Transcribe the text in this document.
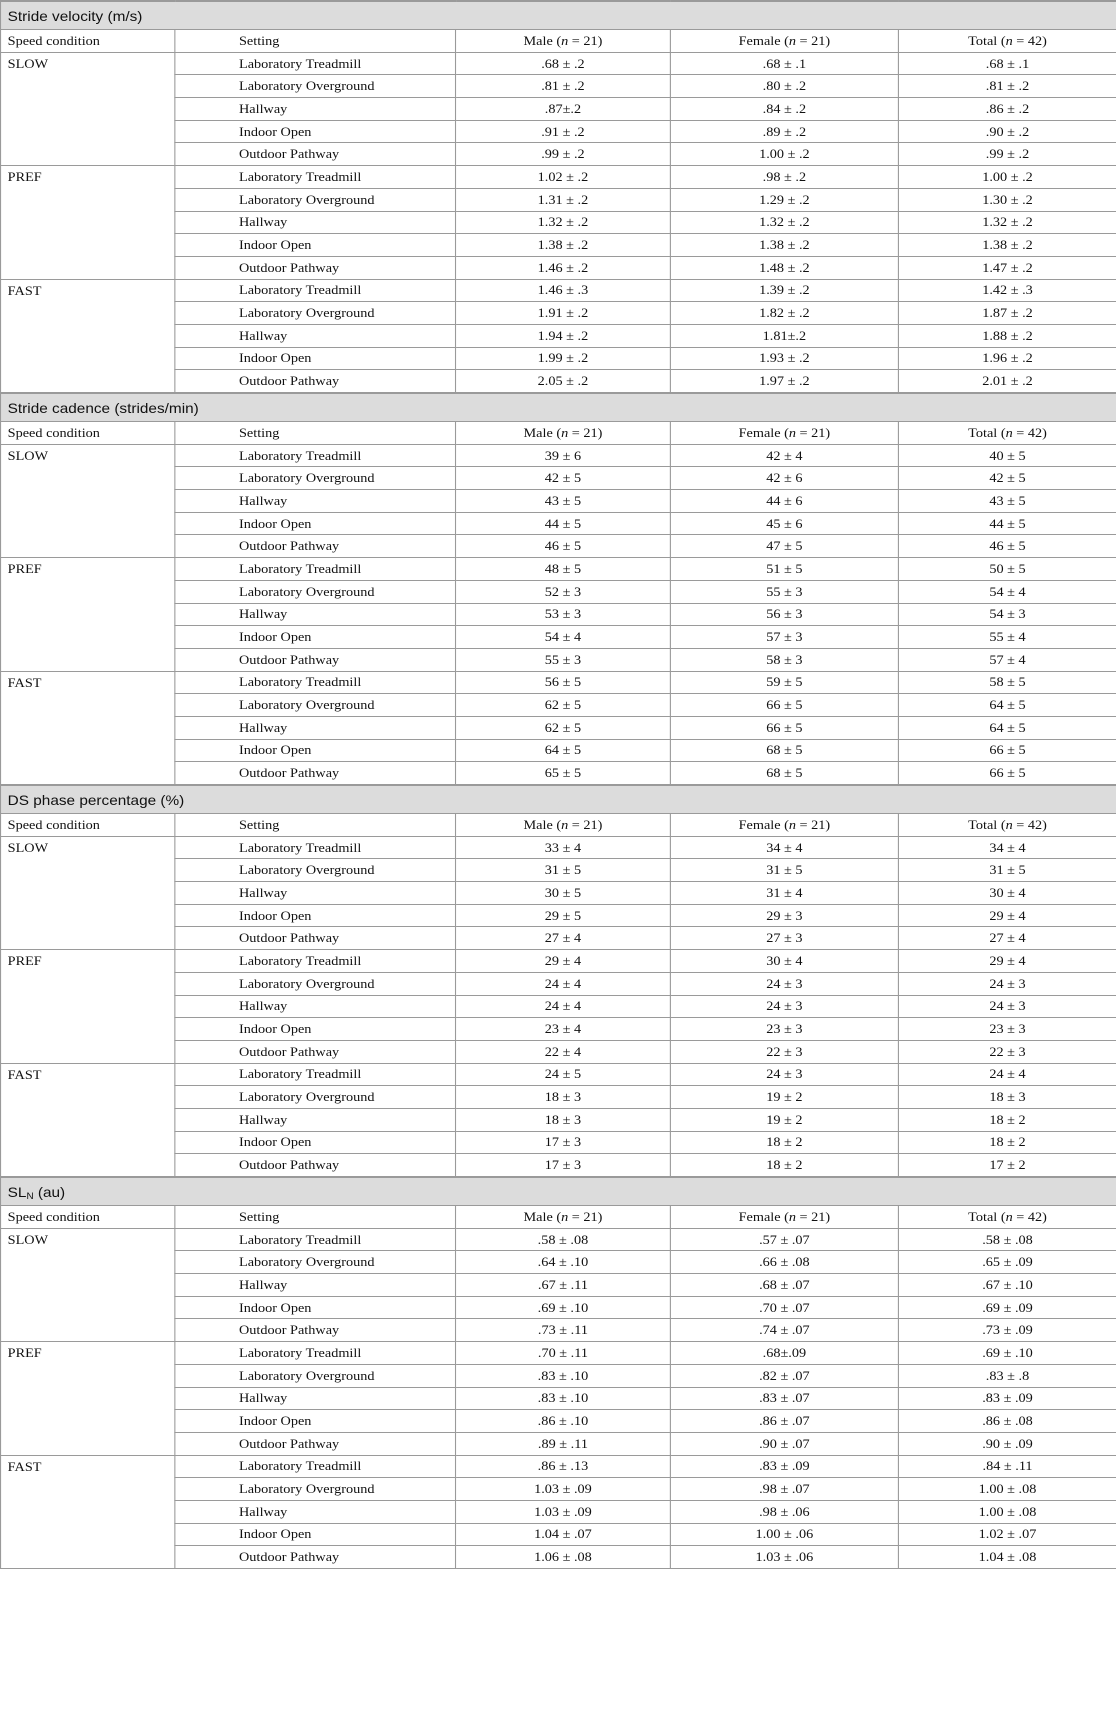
Stride velocity (m/s)				
Speed condition	Setting	Male (n = 21)	Female (n = 21)	Total (n = 42)
SLOW	Laboratory Treadmill	.68 ± .2	.68 ± .1	.68 ± .1
	Laboratory Overground	.81 ± .2	.80 ± .2	.81 ± .2
	Hallway	.87±.2	.84 ± .2	.86 ± .2
	Indoor Open	.91 ± .2	.89 ± .2	.90 ± .2
	Outdoor Pathway	.99 ± .2	1.00 ± .2	.99 ± .2
PREF	Laboratory Treadmill	1.02 ± .2	.98 ± .2	1.00 ± .2
	Laboratory Overground	1.31 ± .2	1.29 ± .2	1.30 ± .2
	Hallway	1.32 ± .2	1.32 ± .2	1.32 ± .2
	Indoor Open	1.38 ± .2	1.38 ± .2	1.38 ± .2
	Outdoor Pathway	1.46 ± .2	1.48 ± .2	1.47 ± .2
FAST	Laboratory Treadmill	1.46 ± .3	1.39 ± .2	1.42 ± .3
	Laboratory Overground	1.91 ± .2	1.82 ± .2	1.87 ± .2
	Hallway	1.94 ± .2	1.81±.2	1.88 ± .2
	Indoor Open	1.99 ± .2	1.93 ± .2	1.96 ± .2
	Outdoor Pathway	2.05 ± .2	1.97 ± .2	2.01 ± .2
Stride cadence (strides/min)				
Speed condition	Setting	Male (n = 21)	Female (n = 21)	Total (n = 42)
SLOW	Laboratory Treadmill	39 ± 6	42 ± 4	40 ± 5
	Laboratory Overground	42 ± 5	42 ± 6	42 ± 5
	Hallway	43 ± 5	44 ± 6	43 ± 5
	Indoor Open	44 ± 5	45 ± 6	44 ± 5
	Outdoor Pathway	46 ± 5	47 ± 5	46 ± 5
PREF	Laboratory Treadmill	48 ± 5	51 ± 5	50 ± 5
	Laboratory Overground	52 ± 3	55 ± 3	54 ± 4
	Hallway	53 ± 3	56 ± 3	54 ± 3
	Indoor Open	54 ± 4	57 ± 3	55 ± 4
	Outdoor Pathway	55 ± 3	58 ± 3	57 ± 4
FAST	Laboratory Treadmill	56 ± 5	59 ± 5	58 ± 5
	Laboratory Overground	62 ± 5	66 ± 5	64 ± 5
	Hallway	62 ± 5	66 ± 5	64 ± 5
	Indoor Open	64 ± 5	68 ± 5	66 ± 5
	Outdoor Pathway	65 ± 5	68 ± 5	66 ± 5
DS phase percentage (%)				
Speed condition	Setting	Male (n = 21)	Female (n = 21)	Total (n = 42)
SLOW	Laboratory Treadmill	33 ± 4	34 ± 4	34 ± 4
	Laboratory Overground	31 ± 5	31 ± 5	31 ± 5
	Hallway	30 ± 5	31 ± 4	30 ± 4
	Indoor Open	29 ± 5	29 ± 3	29 ± 4
	Outdoor Pathway	27 ± 4	27 ± 3	27 ± 4
PREF	Laboratory Treadmill	29 ± 4	30 ± 4	29 ± 4
	Laboratory Overground	24 ± 4	24 ± 3	24 ± 3
	Hallway	24 ± 4	24 ± 3	24 ± 3
	Indoor Open	23 ± 4	23 ± 3	23 ± 3
	Outdoor Pathway	22 ± 4	22 ± 3	22 ± 3
FAST	Laboratory Treadmill	24 ± 5	24 ± 3	24 ± 4
	Laboratory Overground	18 ± 3	19 ± 2	18 ± 3
	Hallway	18 ± 3	19 ± 2	18 ± 2
	Indoor Open	17 ± 3	18 ± 2	18 ± 2
	Outdoor Pathway	17 ± 3	18 ± 2	17 ± 2
$SL_N$ (au)				
Speed condition	Setting	Male (n = 21)	Female (n = 21)	Total (n = 42)
SLOW	Laboratory Treadmill	.58 ± .08	.57 ± .07	.58 ± .08
	Laboratory Overground	.64 ± .10	.66 ± .08	.65 ± .09
	Hallway	.67 ± .11	.68 ± .07	.67 ± .10
	Indoor Open	.69 ± .10	.70 ± .07	.69 ± .09
	Outdoor Pathway	.73 ± .11	.74 ± .07	.73 ± .09
PREF	Laboratory Treadmill	.70 ± .11	.68±.09	.69 ± .10
	Laboratory Overground	.83 ± .10	.82 ± .07	.83 ± .8
	Hallway	.83 ± .10	.83 ± .07	.83 ± .09
	Indoor Open	.86 ± .10	.86 ± .07	.86 ± .08
	Outdoor Pathway	.89 ± .11	.90 ± .07	.90 ± .09
FAST	Laboratory Treadmill	.86 ± .13	.83 ± .09	.84 ± .11
	Laboratory Overground	1.03 ± .09	.98 ± .07	1.00 ± .08
	Hallway	1.03 ± .09	.98 ± .06	1.00 ± .08
	Indoor Open	1.04 ± .07	1.00 ± .06	1.02 ± .07
	Outdoor Pathway	1.06 ± .08	1.03 ± .06	1.04 ± .08
